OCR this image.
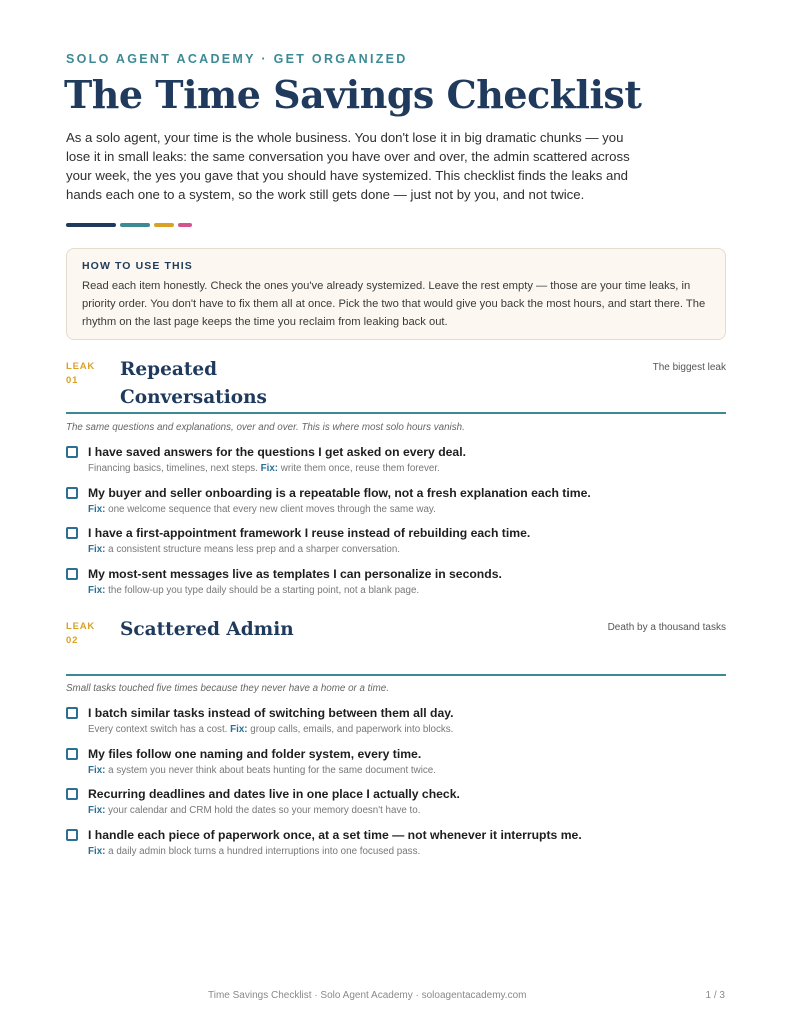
SOLO AGENT ACADEMY · GET ORGANIZED
The Time Savings Checklist

As a solo agent, your time is the whole business. You don't lose it in big dramatic chunks — you lose it in small leaks: the same conversation you have over and over, the admin scattered across your week, the yes you gave that you should have systemized. This checklist finds the leaks and hands each one to a system, so the work still gets done — just not by you, and not twice.

HOW TO USE THIS
Read each item honestly. Check the ones you've already systemized. Leave the rest empty — those are your time leaks, in priority order. You don't have to fix them all at once. Pick the two that would give you back the most hours, and start there. The rhythm on the last page keeps the time you reclaim from leaking back out.
LEAK
01
Repeated Conversations
The biggest leak
The same questions and explanations, over and over. This is where most solo hours vanish.
I have saved answers for the questions I get asked on every deal.
Financing basics, timelines, next steps. Fix: write them once, reuse them forever.
My buyer and seller onboarding is a repeatable flow, not a fresh explanation each time.
Fix: one welcome sequence that every new client moves through the same way.
I have a first-appointment framework I reuse instead of rebuilding each time.
Fix: a consistent structure means less prep and a sharper conversation.
My most-sent messages live as templates I can personalize in seconds.
Fix: the follow-up you type daily should be a starting point, not a blank page.
LEAK
02
Scattered Admin	Death by a thousand tasks
Small tasks touched five times because they never have a home or a time.
I batch similar tasks instead of switching between them all day.
Every context switch has a cost. Fix: group calls, emails, and paperwork into blocks.
My files follow one naming and folder system, every time.
Fix: a system you never think about beats hunting for the same document twice.
Recurring deadlines and dates live in one place I actually check.
Fix: your calendar and CRM hold the dates so your memory doesn't have to.
I handle each piece of paperwork once, at a set time — not whenever it interrupts me.
Fix: a daily admin block turns a hundred interruptions into one focused pass.
Time Savings Checklist · Solo Agent Academy · soloagentacademy.com	1 / 3
